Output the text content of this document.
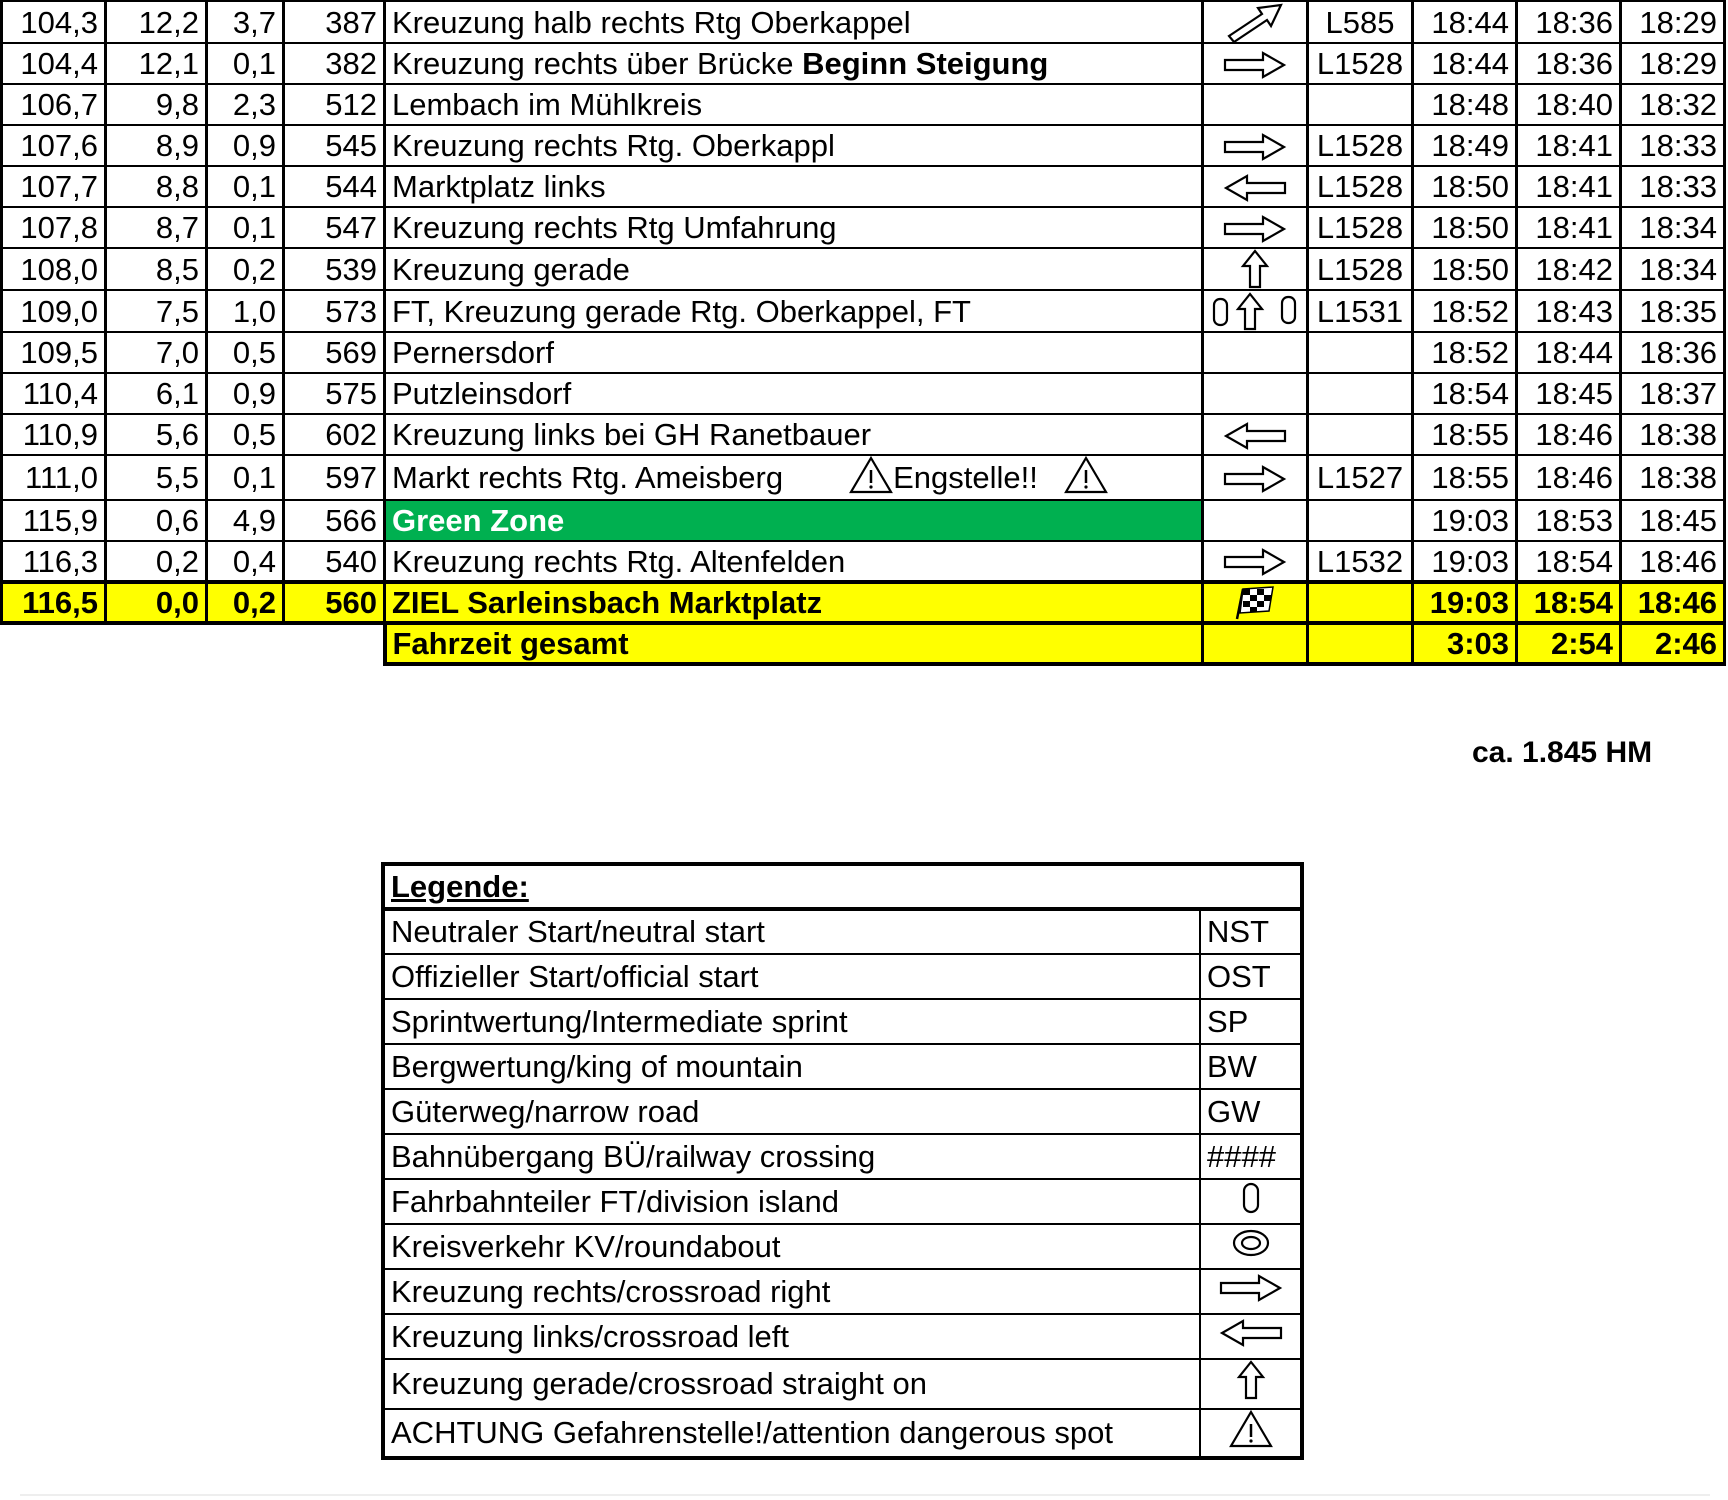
104,3	12,2	3,7	387	Kreuzung halb rechts Rtg Oberkappel		L585	18:44	18:36	18:29
104,4	12,1	0,1	382	Kreuzung rechts über Brücke Beginn Steigung		L1528	18:44	18:36	18:29
106,7	9,8	2,3	512	Lembach im Mühlkreis			18:48	18:40	18:32
107,6	8,9	0,9	545	Kreuzung rechts Rtg. Oberkappl		L1528	18:49	18:41	18:33
107,7	8,8	0,1	544	Marktplatz links		L1528	18:50	18:41	18:33
107,8	8,7	0,1	547	Kreuzung rechts Rtg Umfahrung		L1528	18:50	18:41	18:34
108,0	8,5	0,2	539	Kreuzung gerade		L1528	18:50	18:42	18:34
109,0	7,5	1,0	573	FT, Kreuzung gerade Rtg. Oberkappel, FT		L1531	18:52	18:43	18:35
109,5	7,0	0,5	569	Pernersdorf			18:52	18:44	18:36
110,4	6,1	0,9	575	Putzleinsdorf			18:54	18:45	18:37
110,9	5,6	0,5	602	Kreuzung links bei GH Ranetbauer			18:55	18:46	18:38
111,0	5,5	0,1	597	Markt rechts Rtg. Ameisberg Engstelle!!		L1527	18:55	18:46	18:38
115,9	0,6	4,9	566	Green Zone			19:03	18:53	18:45
116,3	0,2	0,4	540	Kreuzung rechts Rtg. Altenfelden		L1532	19:03	18:54	18:46
116,5	0,0	0,2	560	ZIEL Sarleinsbach Marktplatz			19:03	18:54	18:46
				Fahrzeit gesamt			3:03	2:54	2:46
ca. 1.845 HM
Legende:	
Neutraler Start/neutral start	NST
Offizieller Start/official start	OST
Sprintwertung/Intermediate sprint	SP
Bergwertung/king of mountain	BW
Güterweg/narrow road	GW
Bahnübergang BÜ/railway crossing	####
Fahrbahnteiler FT/division island	
Kreisverkehr KV/roundabout	
Kreuzung rechts/crossroad right	
Kreuzung links/crossroad left	
Kreuzung gerade/crossroad straight on	
ACHTUNG Gefahrenstelle!/attention dangerous spot	
